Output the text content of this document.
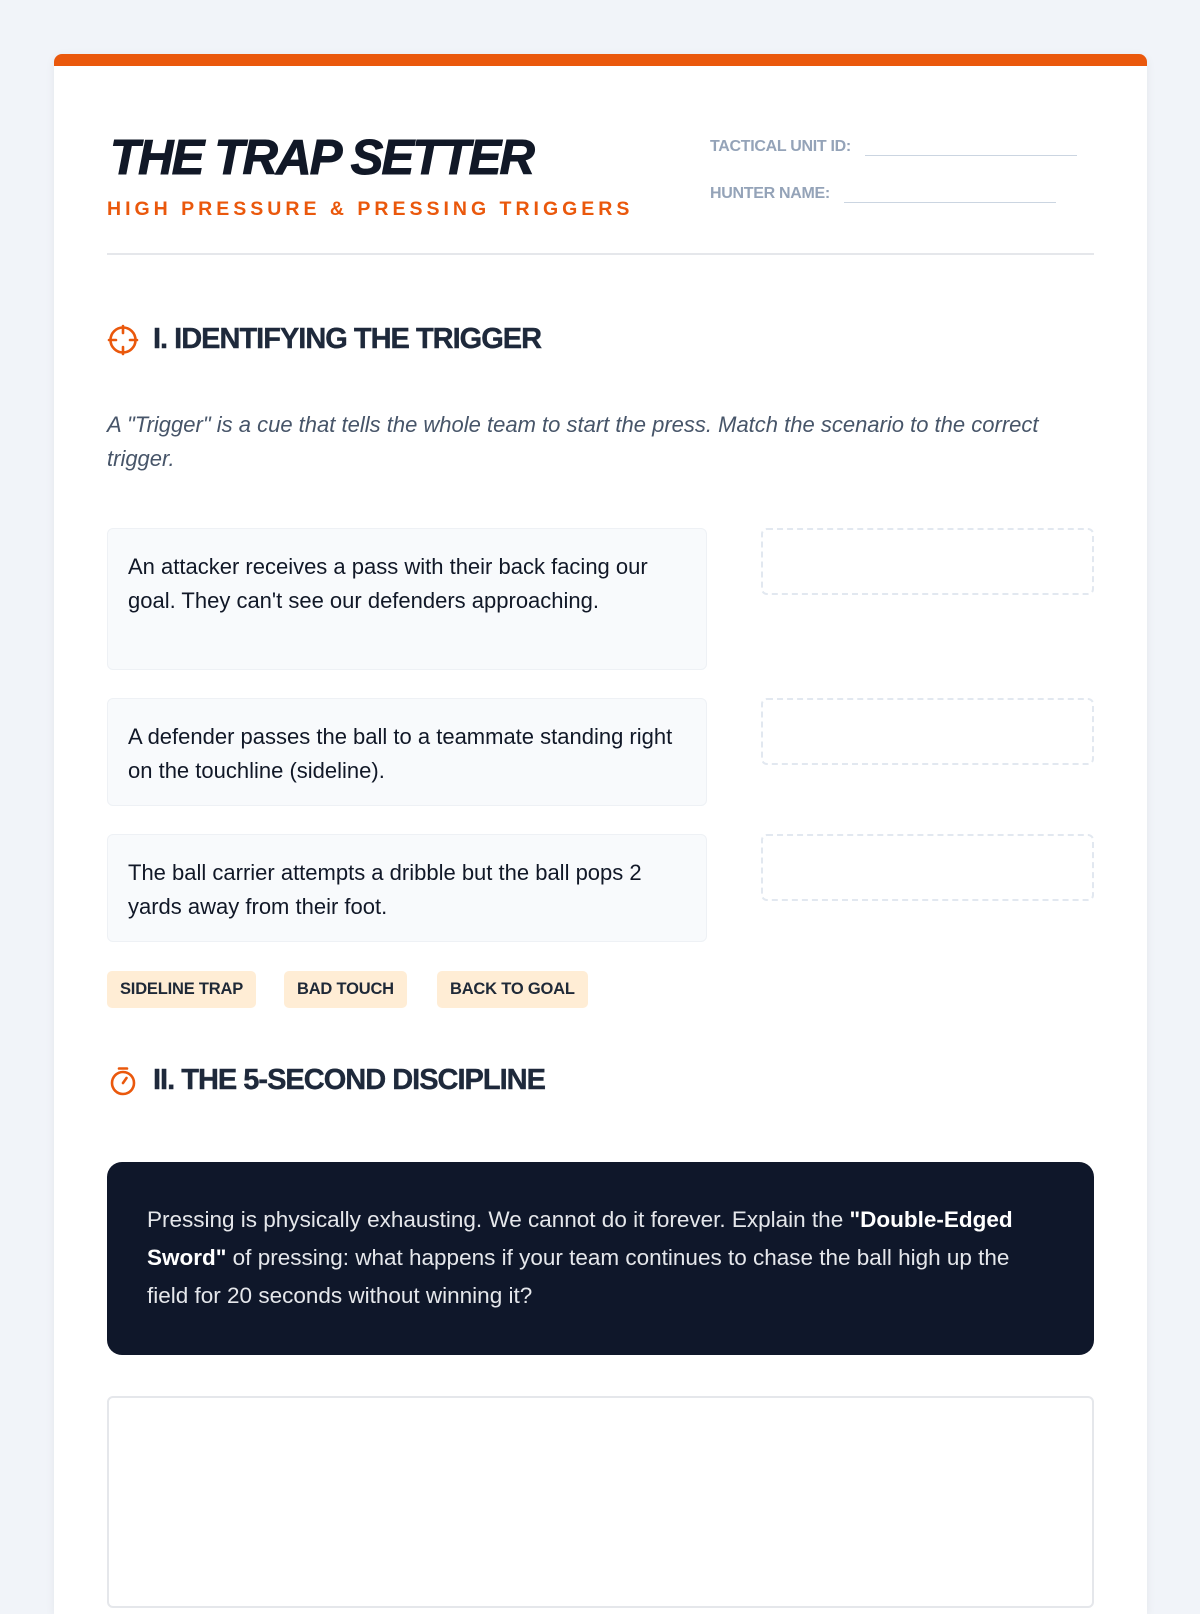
THE TRAP SETTER
HIGH PRESSURE & PRESSING TRIGGERS
TACTICAL UNIT ID:
HUNTER NAME:
I. IDENTIFYING THE TRIGGER

A "Trigger" is a cue that tells the whole team to start the press. Match the scenario to the correct trigger.

An attacker receives a pass with their back facing our goal. They can't see our defenders approaching.
A defender passes the ball to a teammate standing right on the touchline (sideline).
The ball carrier attempts a dribble but the ball pops 2 yards away from their foot.
SIDELINE TRAP	BAD TOUCH	BACK TO GOAL
II. THE 5-SECOND DISCIPLINE
Pressing is physically exhausting. We cannot do it forever. Explain the "Double-Edged Sword" of pressing: what happens if your team continues to chase the ball high up the field for 20 seconds without winning it?
